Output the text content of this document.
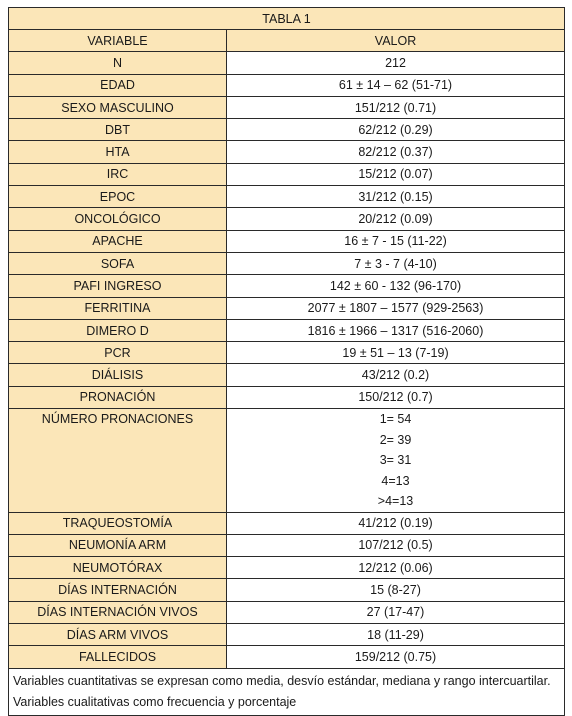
TABLA 1	
VARIABLE	VALOR
N	212
EDAD	61 ± 14 – 62 (51-71)
SEXO MASCULINO	151/212 (0.71)
DBT	62/212 (0.29)
HTA	82/212 (0.37)
IRC	15/212 (0.07)
EPOC	31/212 (0.15)
ONCOLÓGICO	20/212 (0.09)
APACHE	16 ± 7 - 15 (11-22)
SOFA	7 ± 3 - 7 (4-10)
PAFI INGRESO	142 ± 60 - 132 (96-170)
FERRITINA	2077 ± 1807 – 1577 (929-2563)
DIMERO D	1816 ± 1966 – 1317 (516-2060)
PCR	19 ± 51 – 13 (7-19)
DIÁLISIS	43/212 (0.2)
PRONACIÓN	150/212 (0.7)
NÚMERO PRONACIONES	1= 54
2= 39
3= 31
4=13
>4=13

TRAQUEOSTOMÍA	41/212 (0.19)
NEUMONÍA ARM	107/212 (0.5)
NEUMOTÓRAX	12/212 (0.06)
DÍAS INTERNACIÓN	15 (8-27)
DÍAS INTERNACIÓN VIVOS	27 (17-47)
DÍAS ARM VIVOS	18 (11-29)
FALLECIDOS	159/212 (0.75)
Variables cuantitativas se expresan como media, desvío estándar, mediana y rango intercuartilar. Variables cualitativas como frecuencia y porcentaje	
